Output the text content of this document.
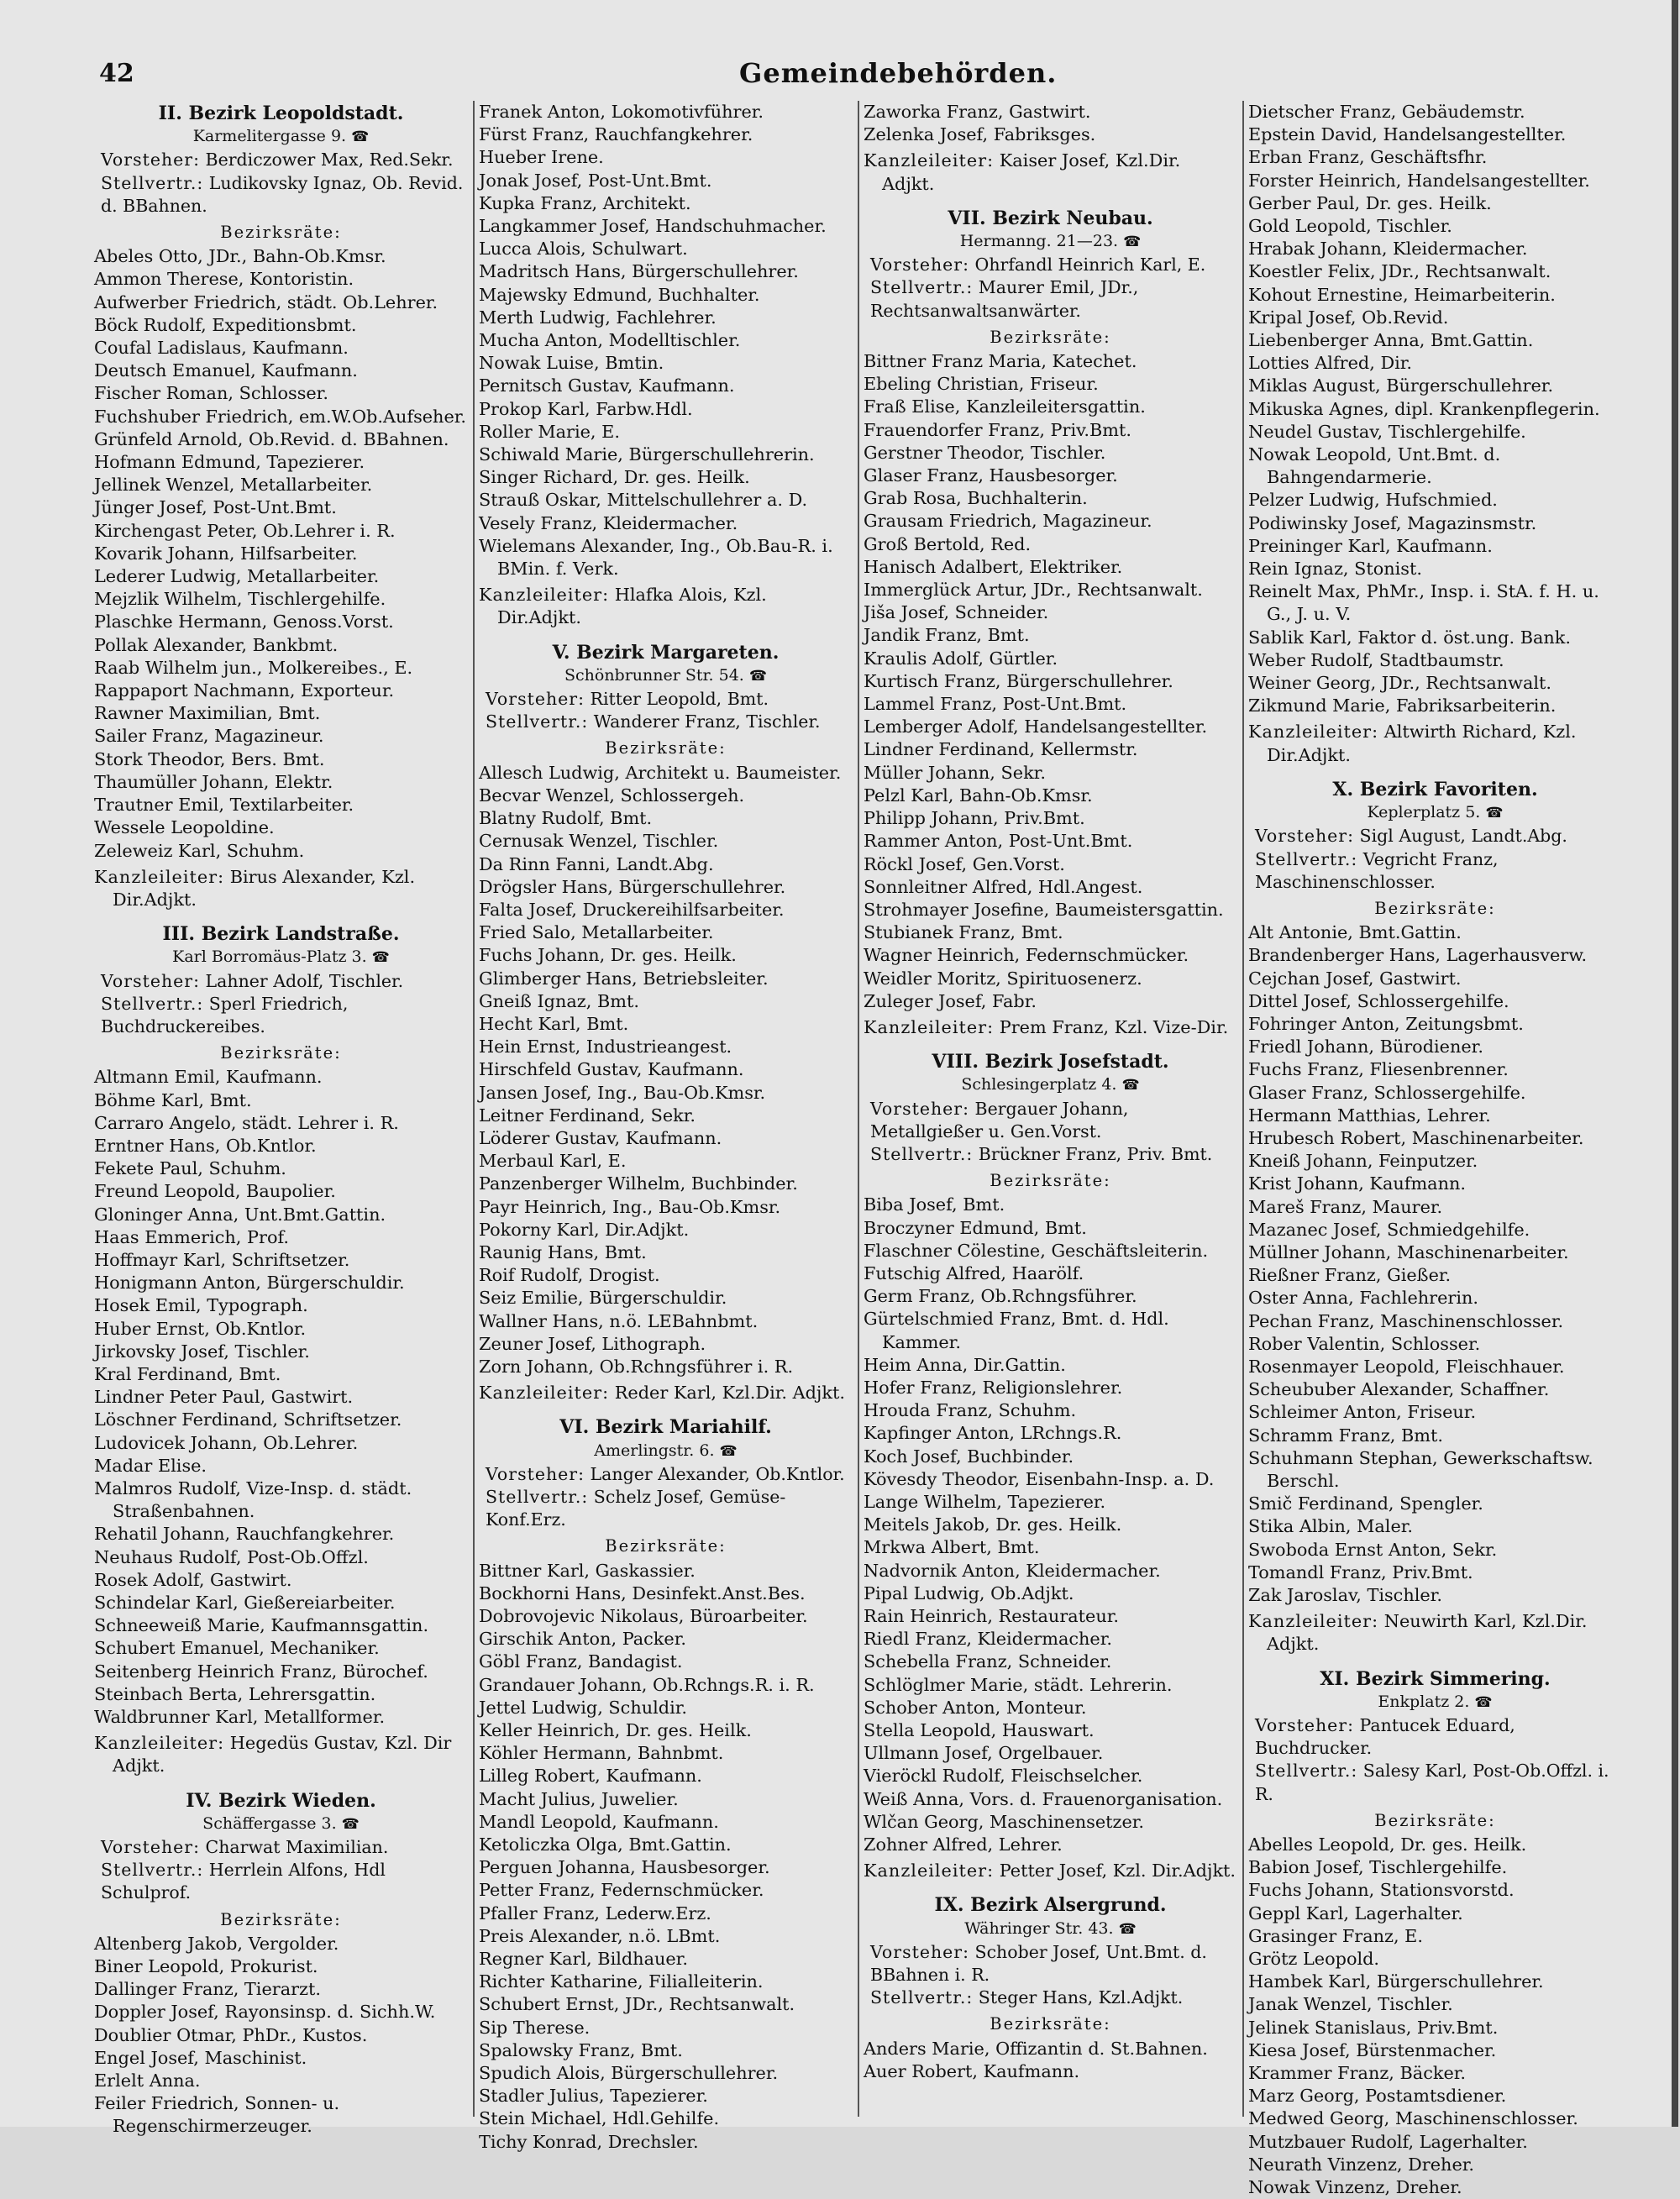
42	Gemeindebehörden.
II. Bezirk Leopoldstadt.
Karmelitergasse 9. ☎
Vorsteher: Berdiczower Max, Red.Sekr.
Stellvertr.: Ludikovsky Ignaz, Ob. Revid. d. BBahnen.
Bezirksräte:
Abeles Otto, JDr., Bahn-Ob.Kmsr.
Ammon Therese, Kontoristin.
Aufwerber Friedrich, städt. Ob.Lehrer.
Böck Rudolf, Expeditionsbmt.
Coufal Ladislaus, Kaufmann.
Deutsch Emanuel, Kaufmann.
Fischer Roman, Schlosser.
Fuchshuber Friedrich, em.W.Ob.Aufseher.
Grünfeld Arnold, Ob.Revid. d. BBahnen.
Hofmann Edmund, Tapezierer.
Jellinek Wenzel, Metallarbeiter.
Jünger Josef, Post-Unt.Bmt.
Kirchengast Peter, Ob.Lehrer i. R.
Kovarik Johann, Hilfsarbeiter.
Lederer Ludwig, Metallarbeiter.
Mejzlik Wilhelm, Tischlergehilfe.
Plaschke Hermann, Genoss.Vorst.
Pollak Alexander, Bankbmt.
Raab Wilhelm jun., Molkereibes., E.
Rappaport Nachmann, Exporteur.
Rawner Maximilian, Bmt.
Sailer Franz, Magazineur.
Stork Theodor, Bers. Bmt.
Thaumüller Johann, Elektr.
Trautner Emil, Textilarbeiter.
Wessele Leopoldine.
Zeleweiz Karl, Schuhm.
Kanzleileiter: Birus Alexander, Kzl. Dir.Adjkt.
III. Bezirk Landstraße.
Karl Borromäus-Platz 3. ☎
Vorsteher: Lahner Adolf, Tischler.
Stellvertr.: Sperl Friedrich, Buchdruckereibes.
Bezirksräte:
Altmann Emil, Kaufmann.
Böhme Karl, Bmt.
Carraro Angelo, städt. Lehrer i. R.
Erntner Hans, Ob.Kntlor.
Fekete Paul, Schuhm.
Freund Leopold, Baupolier.
Gloninger Anna, Unt.Bmt.Gattin.
Haas Emmerich, Prof.
Hoffmayr Karl, Schriftsetzer.
Honigmann Anton, Bürgerschuldir.
Hosek Emil, Typograph.
Huber Ernst, Ob.Kntlor.
Jirkovsky Josef, Tischler.
Kral Ferdinand, Bmt.
Lindner Peter Paul, Gastwirt.
Löschner Ferdinand, Schriftsetzer.
Ludovicek Johann, Ob.Lehrer.
Madar Elise.
Malmros Rudolf, Vize-Insp. d. städt. Straßenbahnen.
Rehatil Johann, Rauchfangkehrer.
Neuhaus Rudolf, Post-Ob.Offzl.
Rosek Adolf, Gastwirt.
Schindelar Karl, Gießereiarbeiter.
Schneeweiß Marie, Kaufmannsgattin.
Schubert Emanuel, Mechaniker.
Seitenberg Heinrich Franz, Bürochef.
Steinbach Berta, Lehrersgattin.
Waldbrunner Karl, Metallformer.
Kanzleileiter: Hegedüs Gustav, Kzl. Dir Adjkt.
IV. Bezirk Wieden.
Schäffergasse 3. ☎
Vorsteher: Charwat Maximilian.
Stellvertr.: Herrlein Alfons, Hdl Schulprof.
Bezirksräte:
Altenberg Jakob, Vergolder.
Biner Leopold, Prokurist.
Dallinger Franz, Tierarzt.
Doppler Josef, Rayonsinsp. d. Sichh.W.
Doublier Otmar, PhDr., Kustos.
Engel Josef, Maschinist.
Erlelt Anna.
Feiler Friedrich, Sonnen- u. Regenschirmerzeuger.
Franek Anton, Lokomotivführer.
Fürst Franz, Rauchfangkehrer.
Hueber Irene.
Jonak Josef, Post-Unt.Bmt.
Kupka Franz, Architekt.
Langkammer Josef, Handschuhmacher.
Lucca Alois, Schulwart.
Madritsch Hans, Bürgerschullehrer.
Majewsky Edmund, Buchhalter.
Merth Ludwig, Fachlehrer.
Mucha Anton, Modelltischler.
Nowak Luise, Bmtin.
Pernitsch Gustav, Kaufmann.
Prokop Karl, Farbw.Hdl.
Roller Marie, E.
Schiwald Marie, Bürgerschullehrerin.
Singer Richard, Dr. ges. Heilk.
Strauß Oskar, Mittelschullehrer a. D.
Vesely Franz, Kleidermacher.
Wielemans Alexander, Ing., Ob.Bau-R. i. BMin. f. Verk.
Kanzleileiter: Hlafka Alois, Kzl. Dir.Adjkt.
V. Bezirk Margareten.
Schönbrunner Str. 54. ☎
Vorsteher: Ritter Leopold, Bmt.
Stellvertr.: Wanderer Franz, Tischler.
Bezirksräte:
Allesch Ludwig, Architekt u. Baumeister.
Becvar Wenzel, Schlossergeh.
Blatny Rudolf, Bmt.
Cernusak Wenzel, Tischler.
Da Rinn Fanni, Landt.Abg.
Drögsler Hans, Bürgerschullehrer.
Falta Josef, Druckereihilfsarbeiter.
Fried Salo, Metallarbeiter.
Fuchs Johann, Dr. ges. Heilk.
Glimberger Hans, Betriebsleiter.
Gneiß Ignaz, Bmt.
Hecht Karl, Bmt.
Hein Ernst, Industrieangest.
Hirschfeld Gustav, Kaufmann.
Jansen Josef, Ing., Bau-Ob.Kmsr.
Leitner Ferdinand, Sekr.
Löderer Gustav, Kaufmann.
Merbaul Karl, E.
Panzenberger Wilhelm, Buchbinder.
Payr Heinrich, Ing., Bau-Ob.Kmsr.
Pokorny Karl, Dir.Adjkt.
Raunig Hans, Bmt.
Roif Rudolf, Drogist.
Seiz Emilie, Bürgerschuldir.
Wallner Hans, n.ö. LEBahnbmt.
Zeuner Josef, Lithograph.
Zorn Johann, Ob.Rchngsführer i. R.
Kanzleileiter: Reder Karl, Kzl.Dir. Adjkt.
VI. Bezirk Mariahilf.
Amerlingstr. 6. ☎
Vorsteher: Langer Alexander, Ob.Kntlor.
Stellvertr.: Schelz Josef, Gemüse-Konf.Erz.
Bezirksräte:
Bittner Karl, Gaskassier.
Bockhorni Hans, Desinfekt.Anst.Bes.
Dobrovojevic Nikolaus, Büroarbeiter.
Girschik Anton, Packer.
Göbl Franz, Bandagist.
Grandauer Johann, Ob.Rchngs.R. i. R.
Jettel Ludwig, Schuldir.
Keller Heinrich, Dr. ges. Heilk.
Köhler Hermann, Bahnbmt.
Lilleg Robert, Kaufmann.
Macht Julius, Juwelier.
Mandl Leopold, Kaufmann.
Ketoliczka Olga, Bmt.Gattin.
Perguen Johanna, Hausbesorger.
Petter Franz, Federnschmücker.
Pfaller Franz, Lederw.Erz.
Preis Alexander, n.ö. LBmt.
Regner Karl, Bildhauer.
Richter Katharine, Filialleiterin.
Schubert Ernst, JDr., Rechtsanwalt.
Sip Therese.
Spalowsky Franz, Bmt.
Spudich Alois, Bürgerschullehrer.
Stadler Julius, Tapezierer.
Stein Michael, Hdl.Gehilfe.
Tichy Konrad, Drechsler.
Zaworka Franz, Gastwirt.
Zelenka Josef, Fabriksges.
Kanzleileiter: Kaiser Josef, Kzl.Dir. Adjkt.
VII. Bezirk Neubau.
Hermanng. 21—23. ☎
Vorsteher: Ohrfandl Heinrich Karl, E.
Stellvertr.: Maurer Emil, JDr., Rechtsanwaltsanwärter.
Bezirksräte:
Bittner Franz Maria, Katechet.
Ebeling Christian, Friseur.
Fraß Elise, Kanzleileitersgattin.
Frauendorfer Franz, Priv.Bmt.
Gerstner Theodor, Tischler.
Glaser Franz, Hausbesorger.
Grab Rosa, Buchhalterin.
Grausam Friedrich, Magazineur.
Groß Bertold, Red.
Hanisch Adalbert, Elektriker.
Immerglück Artur, JDr., Rechtsanwalt.
Jiša Josef, Schneider.
Jandik Franz, Bmt.
Kraulis Adolf, Gürtler.
Kurtisch Franz, Bürgerschullehrer.
Lammel Franz, Post-Unt.Bmt.
Lemberger Adolf, Handelsangestellter.
Lindner Ferdinand, Kellermstr.
Müller Johann, Sekr.
Pelzl Karl, Bahn-Ob.Kmsr.
Philipp Johann, Priv.Bmt.
Rammer Anton, Post-Unt.Bmt.
Röckl Josef, Gen.Vorst.
Sonnleitner Alfred, Hdl.Angest.
Strohmayer Josefine, Baumeistersgattin.
Stubianek Franz, Bmt.
Wagner Heinrich, Federnschmücker.
Weidler Moritz, Spirituosenerz.
Zuleger Josef, Fabr.
Kanzleileiter: Prem Franz, Kzl. Vize-Dir.
VIII. Bezirk Josefstadt.
Schlesingerplatz 4. ☎
Vorsteher: Bergauer Johann, Metallgießer u. Gen.Vorst.
Stellvertr.: Brückner Franz, Priv. Bmt.
Bezirksräte:
Biba Josef, Bmt.
Broczyner Edmund, Bmt.
Flaschner Cölestine, Geschäftsleiterin.
Futschig Alfred, Haarölf.
Germ Franz, Ob.Rchngsführer.
Gürtelschmied Franz, Bmt. d. Hdl. Kammer.
Heim Anna, Dir.Gattin.
Hofer Franz, Religionslehrer.
Hrouda Franz, Schuhm.
Kapfinger Anton, LRchngs.R.
Koch Josef, Buchbinder.
Kövesdy Theodor, Eisenbahn-Insp. a. D.
Lange Wilhelm, Tapezierer.
Meitels Jakob, Dr. ges. Heilk.
Mrkwa Albert, Bmt.
Nadvornik Anton, Kleidermacher.
Pipal Ludwig, Ob.Adjkt.
Rain Heinrich, Restaurateur.
Riedl Franz, Kleidermacher.
Schebella Franz, Schneider.
Schlöglmer Marie, städt. Lehrerin.
Schober Anton, Monteur.
Stella Leopold, Hauswart.
Ullmann Josef, Orgelbauer.
Vieröckl Rudolf, Fleischselcher.
Weiß Anna, Vors. d. Frauenorganisation.
Wlčan Georg, Maschinensetzer.
Zohner Alfred, Lehrer.
Kanzleileiter: Petter Josef, Kzl. Dir.Adjkt.
IX. Bezirk Alsergrund.
Währinger Str. 43. ☎
Vorsteher: Schober Josef, Unt.Bmt. d. BBahnen i. R.
Stellvertr.: Steger Hans, Kzl.Adjkt.
Bezirksräte:
Anders Marie, Offizantin d. St.Bahnen.
Auer Robert, Kaufmann.
Dietscher Franz, Gebäudemstr.
Epstein David, Handelsangestellter.
Erban Franz, Geschäftsfhr.
Forster Heinrich, Handelsangestellter.
Gerber Paul, Dr. ges. Heilk.
Gold Leopold, Tischler.
Hrabak Johann, Kleidermacher.
Koestler Felix, JDr., Rechtsanwalt.
Kohout Ernestine, Heimarbeiterin.
Kripal Josef, Ob.Revid.
Liebenberger Anna, Bmt.Gattin.
Lotties Alfred, Dir.
Miklas August, Bürgerschullehrer.
Mikuska Agnes, dipl. Krankenpflegerin.
Neudel Gustav, Tischlergehilfe.
Nowak Leopold, Unt.Bmt. d. Bahngendarmerie.
Pelzer Ludwig, Hufschmied.
Podiwinsky Josef, Magazinsmstr.
Preininger Karl, Kaufmann.
Rein Ignaz, Stonist.
Reinelt Max, PhMr., Insp. i. StA. f. H. u. G., J. u. V.
Sablik Karl, Faktor d. öst.ung. Bank.
Weber Rudolf, Stadtbaumstr.
Weiner Georg, JDr., Rechtsanwalt.
Zikmund Marie, Fabriksarbeiterin.
Kanzleileiter: Altwirth Richard, Kzl. Dir.Adjkt.
X. Bezirk Favoriten.
Keplerplatz 5. ☎
Vorsteher: Sigl August, Landt.Abg.
Stellvertr.: Vegricht Franz, Maschinenschlosser.
Bezirksräte:
Alt Antonie, Bmt.Gattin.
Brandenberger Hans, Lagerhausverw.
Cejchan Josef, Gastwirt.
Dittel Josef, Schlossergehilfe.
Fohringer Anton, Zeitungsbmt.
Friedl Johann, Bürodiener.
Fuchs Franz, Fliesenbrenner.
Glaser Franz, Schlossergehilfe.
Hermann Matthias, Lehrer.
Hrubesch Robert, Maschinenarbeiter.
Kneiß Johann, Feinputzer.
Krist Johann, Kaufmann.
Mareš Franz, Maurer.
Mazanec Josef, Schmiedgehilfe.
Müllner Johann, Maschinenarbeiter.
Rießner Franz, Gießer.
Oster Anna, Fachlehrerin.
Pechan Franz, Maschinenschlosser.
Rober Valentin, Schlosser.
Rosenmayer Leopold, Fleischhauer.
Scheububer Alexander, Schaffner.
Schleimer Anton, Friseur.
Schramm Franz, Bmt.
Schuhmann Stephan, Gewerkschaftsw. Berschl.
Smič Ferdinand, Spengler.
Stika Albin, Maler.
Swoboda Ernst Anton, Sekr.
Tomandl Franz, Priv.Bmt.
Zak Jaroslav, Tischler.
Kanzleileiter: Neuwirth Karl, Kzl.Dir. Adjkt.
XI. Bezirk Simmering.
Enkplatz 2. ☎
Vorsteher: Pantucek Eduard, Buchdrucker.
Stellvertr.: Salesy Karl, Post-Ob.Offzl. i. R.
Bezirksräte:
Abelles Leopold, Dr. ges. Heilk.
Babion Josef, Tischlergehilfe.
Fuchs Johann, Stationsvorstd.
Geppl Karl, Lagerhalter.
Grasinger Franz, E.
Grötz Leopold.
Hambek Karl, Bürgerschullehrer.
Janak Wenzel, Tischler.
Jelinek Stanislaus, Priv.Bmt.
Kiesa Josef, Bürstenmacher.
Krammer Franz, Bäcker.
Marz Georg, Postamtsdiener.
Medwed Georg, Maschinenschlosser.
Mutzbauer Rudolf, Lagerhalter.
Neurath Vinzenz, Dreher.
Nowak Vinzenz, Dreher.
